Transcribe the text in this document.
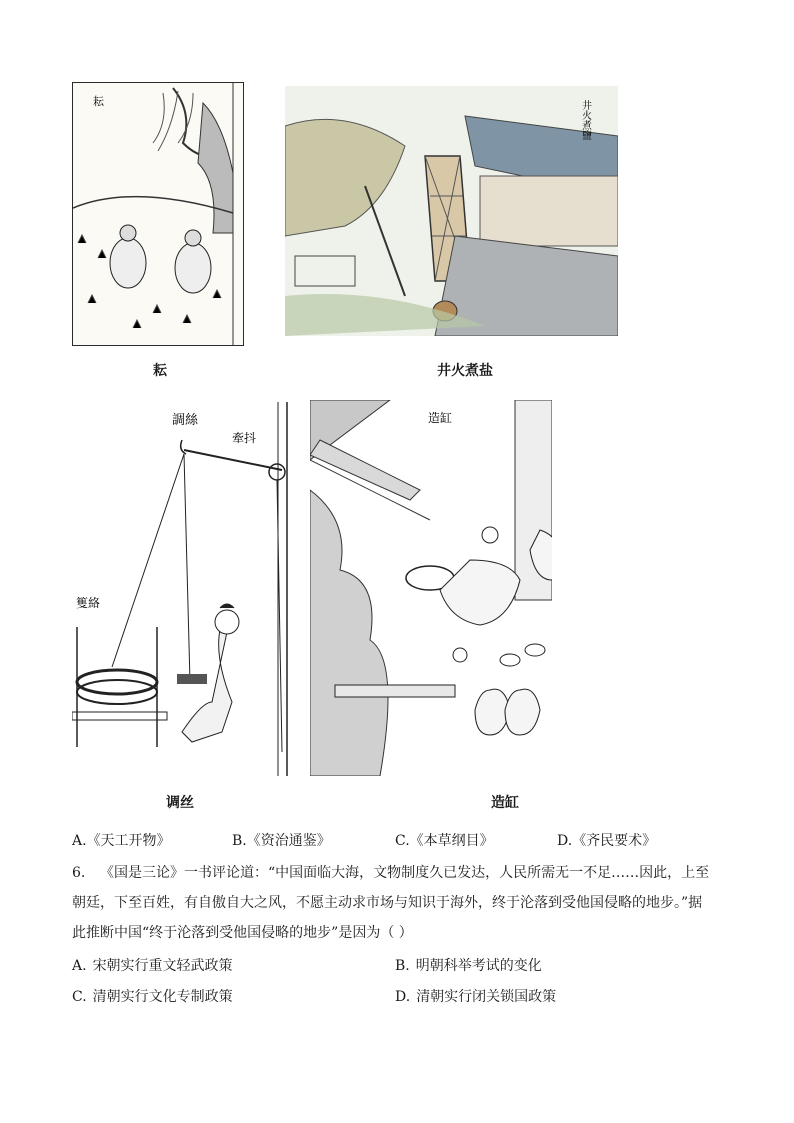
耘
耘
井火煮鹽
井火煮盐
調絲
牽抖
篗絡
调丝
造缸
造缸
A.《天工开物》	B.《资治通鉴》	C.《本草纲目》	D.《齐民要术》
6. 《国是三论》一书评论道：“中国面临大海，文物制度久已发达，人民所需无一不足……因此，上至
朝廷，下至百姓，有自傲自大之风，不愿主动求市场与知识于海外，终于沦落到受他国侵略的地步。”据
此推断中国“终于沦落到受他国侵略的地步”是因为（ ）
A. 宋朝实行重文轻武政策	B. 明朝科举考试的变化
C. 清朝实行文化专制政策	D. 清朝实行闭关锁国政策
